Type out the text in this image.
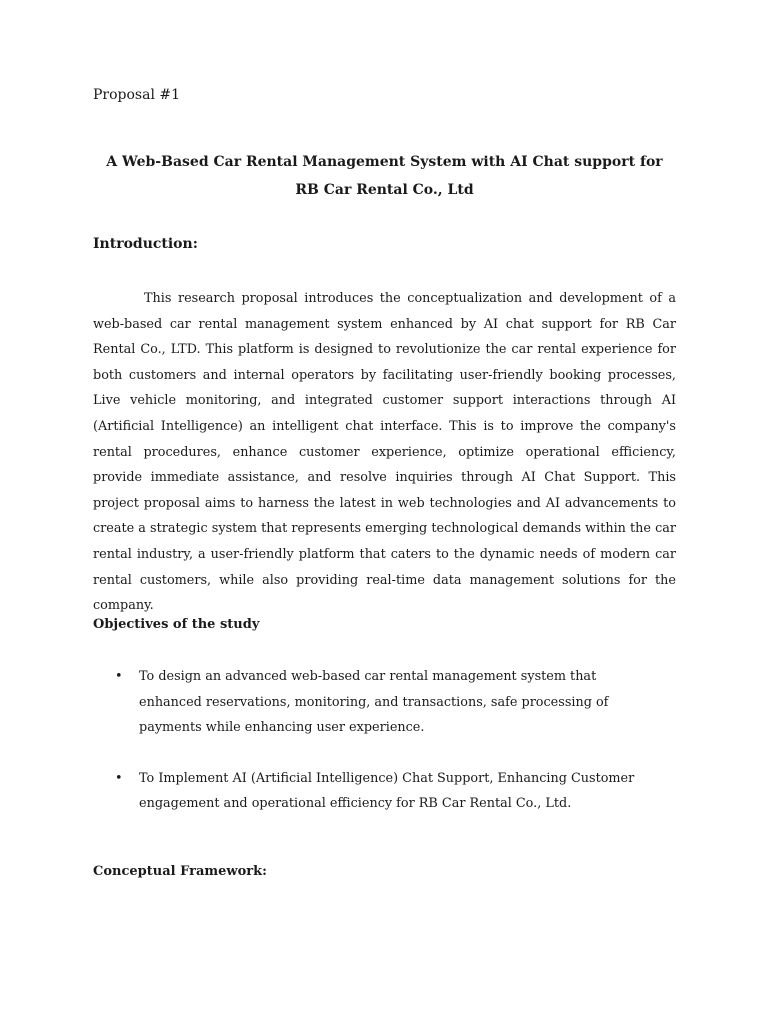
Proposal #1
A Web-Based Car Rental Management System with AI Chat support for
RB Car Rental Co., Ltd
Introduction:

This research proposal introduces the conceptualization and development of a web-based car rental management system enhanced by AI chat support for RB Car Rental Co., LTD. This platform is designed to revolutionize the car rental experience for both customers and internal operators by facilitating user-friendly booking processes, Live vehicle monitoring, and integrated customer support interactions through AI (Artificial Intelligence) an intelligent chat interface. This is to improve the company's rental procedures, enhance customer experience, optimize operational efficiency, provide immediate assistance, and resolve inquiries through AI Chat Support. This project proposal aims to harness the latest in web technologies and AI advancements to create a strategic system that represents emerging technological demands within the car rental industry, a user-friendly platform that caters to the dynamic needs of modern car rental customers, while also providing real-time data management solutions for the company.

Objectives of the study
• To design an advanced web-based car rental management system that enhanced reservations, monitoring, and transactions, safe processing of payments while enhancing user experience.
• To Implement AI (Artificial Intelligence) Chat Support, Enhancing Customer engagement and operational efficiency for RB Car Rental Co., Ltd.
Conceptual Framework:
